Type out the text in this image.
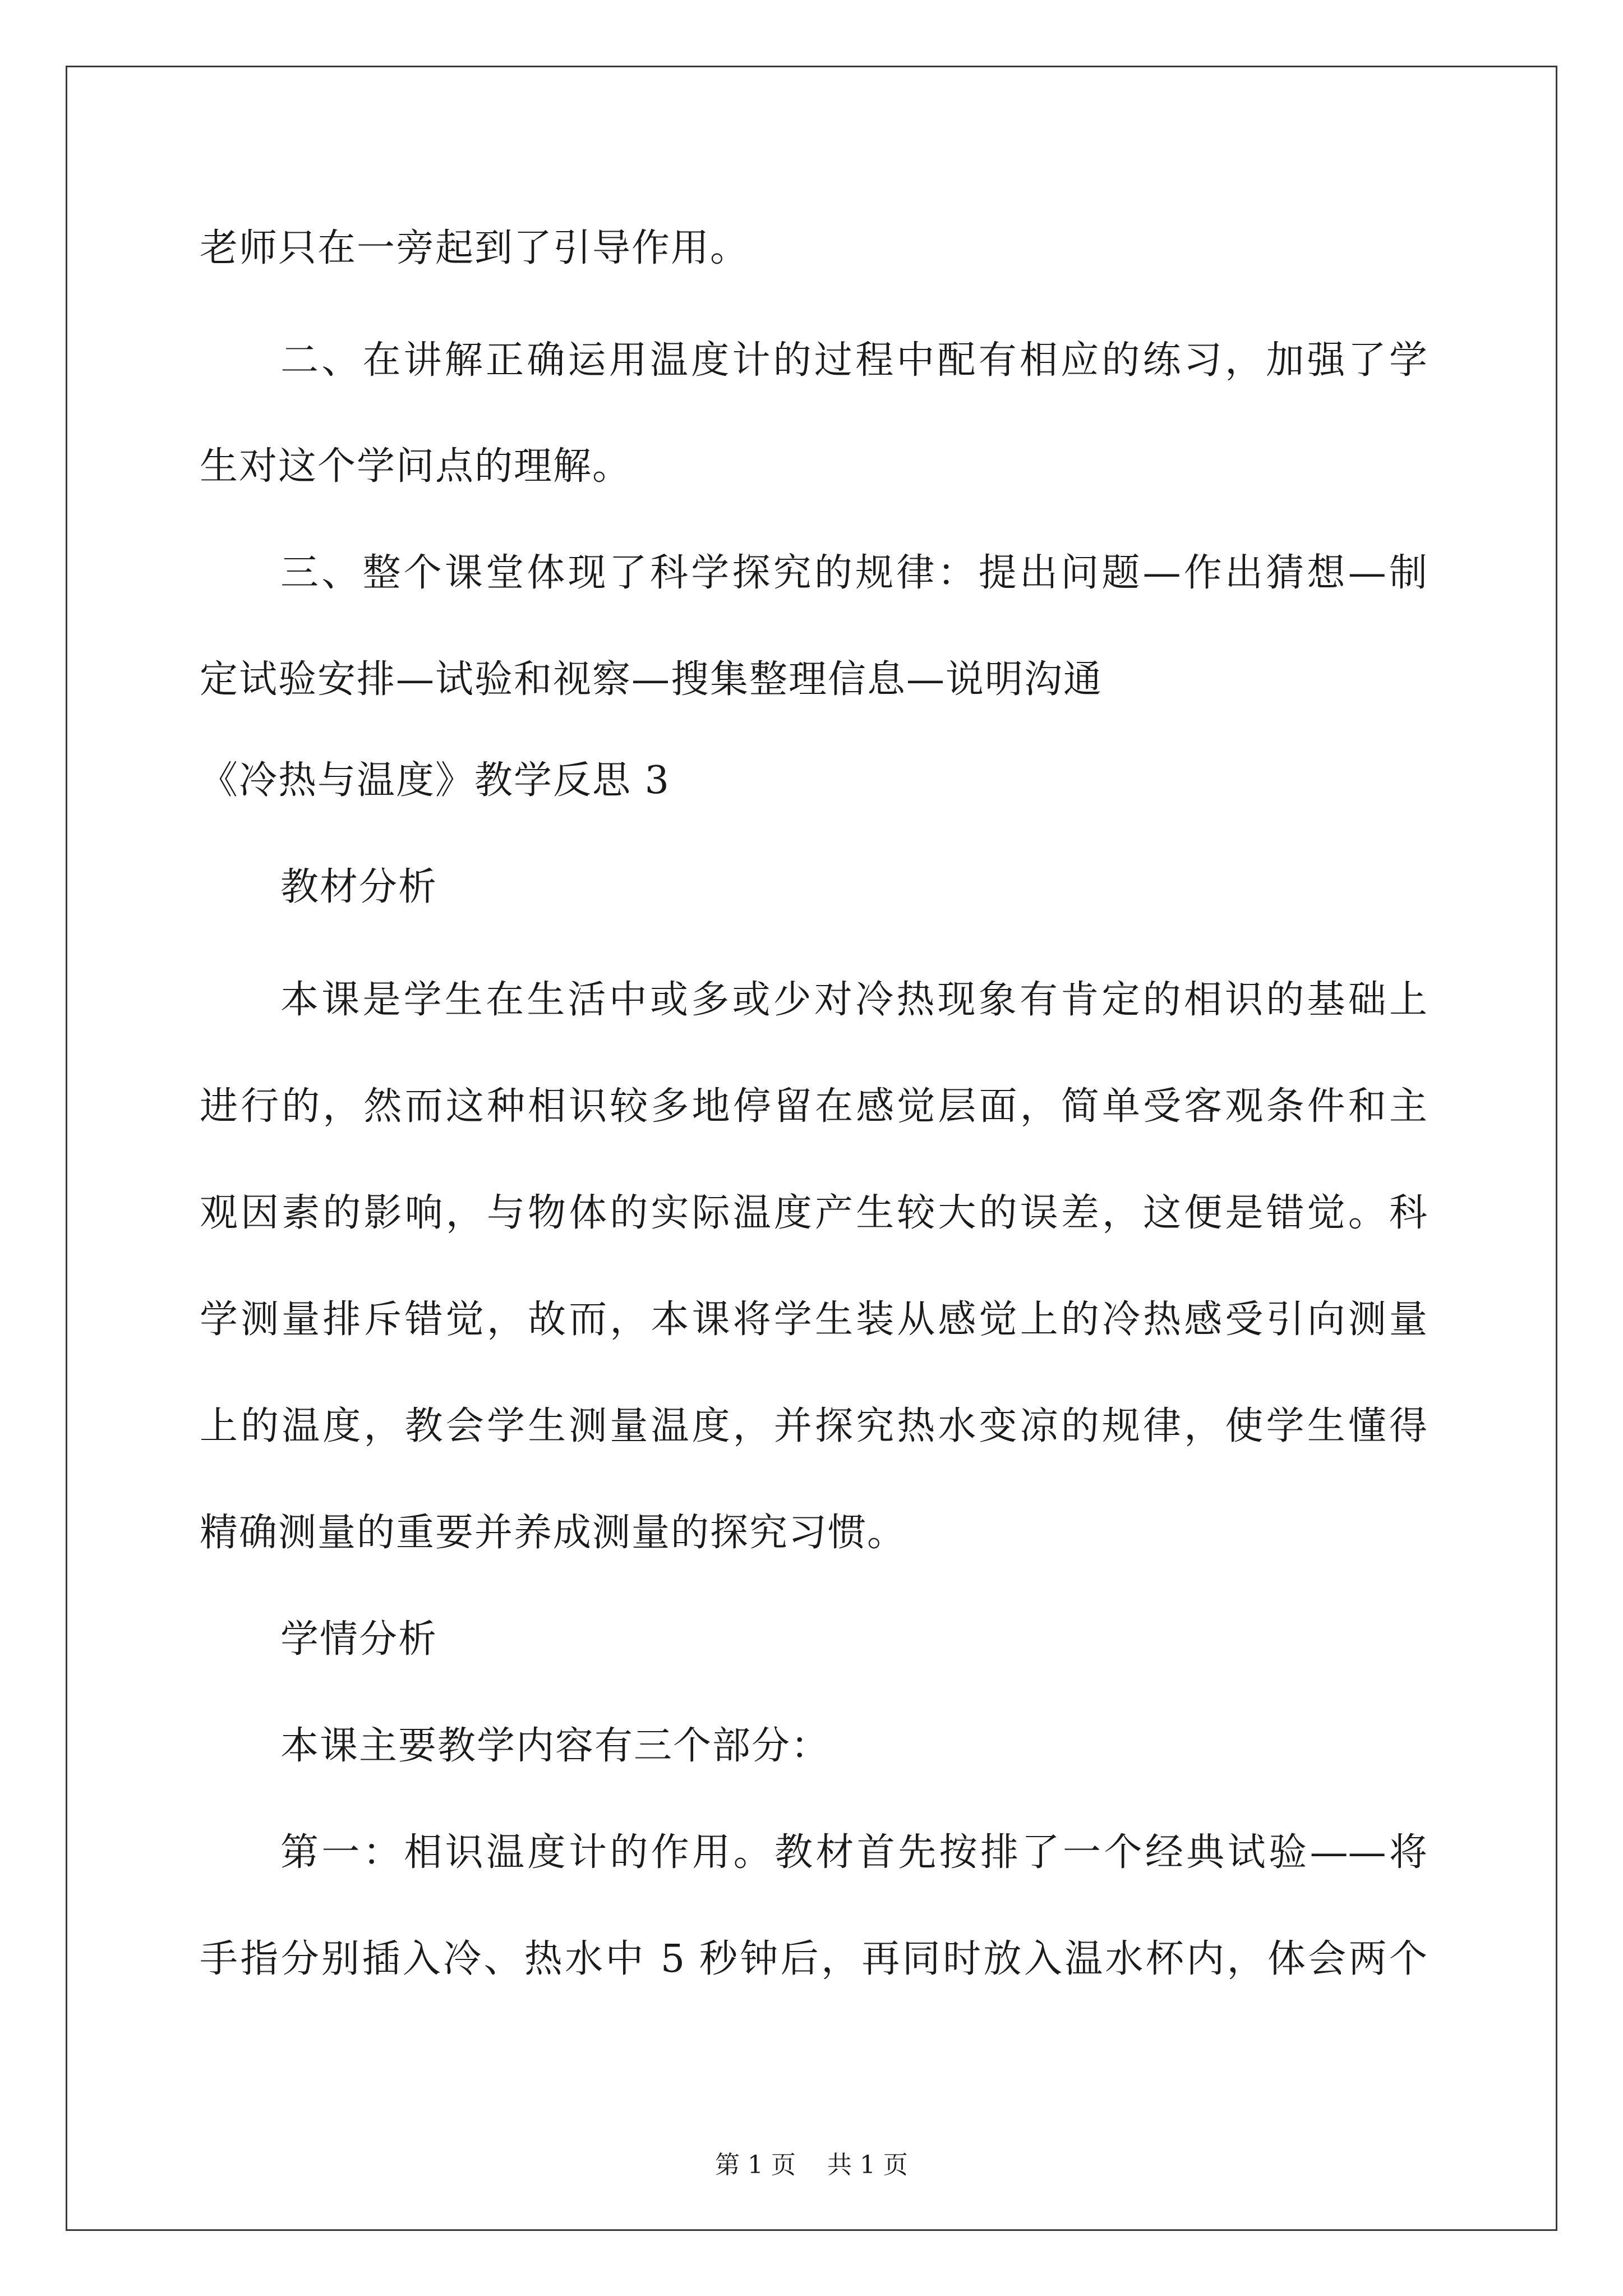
老师只在一旁起到了引导作用。
二、在讲解正确运用温度计的过程中配有相应的练习，加强了学
生对这个学问点的理解。
三、整个课堂体现了科学探究的规律：提出问题—作出猜想—制
定试验安排—试验和视察—搜集整理信息—说明沟通
《冷热与温度》教学反思 3
教材分析
本课是学生在生活中或多或少对冷热现象有肯定的相识的基础上
进行的，然而这种相识较多地停留在感觉层面，简单受客观条件和主
观因素的影响，与物体的实际温度产生较大的误差，这便是错觉。科
学测量排斥错觉，故而，本课将学生装从感觉上的冷热感受引向测量
上的温度，教会学生测量温度，并探究热水变凉的规律，使学生懂得
精确测量的重要并养成测量的探究习惯。
学情分析
本课主要教学内容有三个部分：
第一：相识温度计的作用。教材首先按排了一个经典试验——将
手指分别插入冷、热水中 5 秒钟后，再同时放入温水杯内，体会两个
第 1 页    共 1 页
